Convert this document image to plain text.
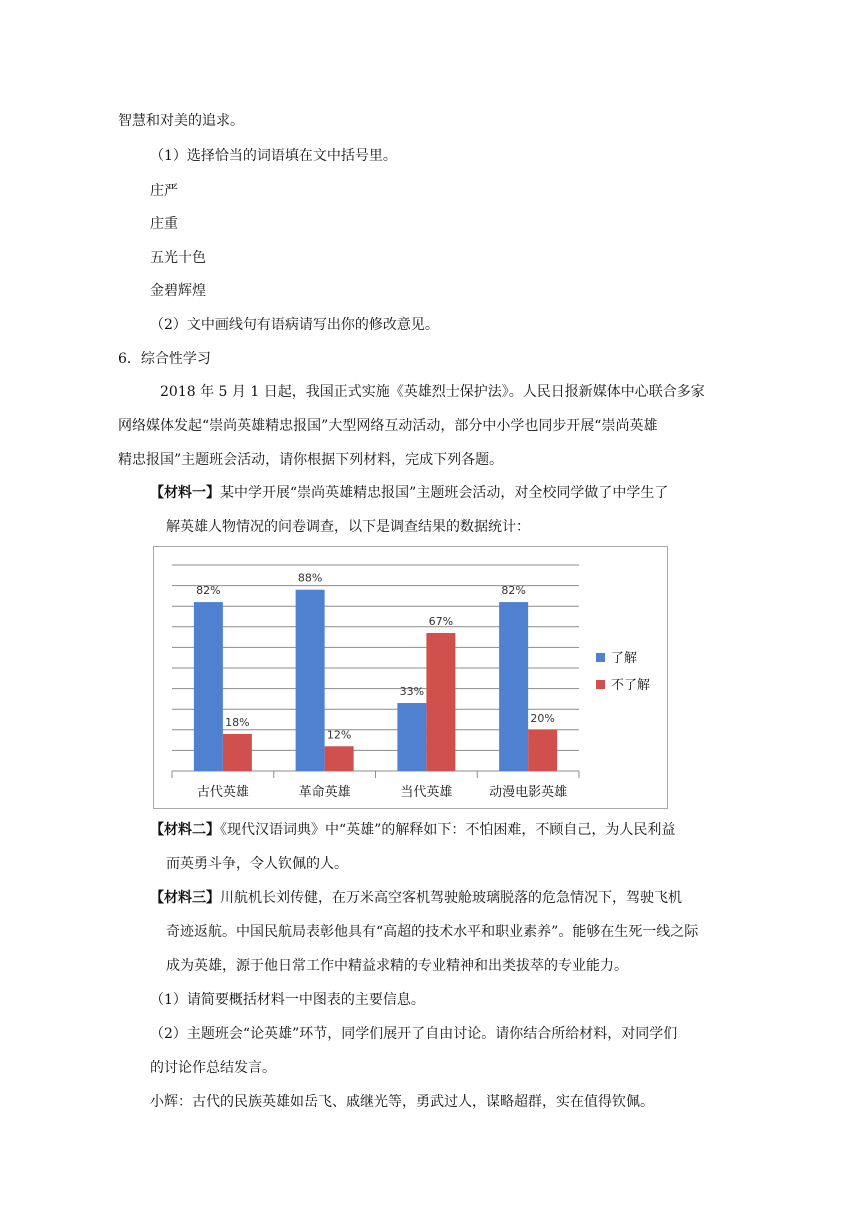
智慧和对美的追求。
（1）选择恰当的词语填在文中括号里。
庄严
庄重
五光十色
金碧辉煌
（2）文中画线句有语病请写出你的修改意见。
6．综合性学习
2018 年 5 月 1 日起，我国正式实施《英雄烈士保护法》。人民日报新媒体中心联合多家
网络媒体发起“崇尚英雄精忠报国”大型网络互动活动，部分中小学也同步开展“崇尚英雄
精忠报国”主题班会活动，请你根据下列材料，完成下列各题。
【材料一】某中学开展“崇尚英雄精忠报国”主题班会活动，对全校同学做了中学生了
解英雄人物情况的问卷调查，以下是调查结果的数据统计：
82%
18%
古代英雄
88%
12%
革命英雄
33%
67%
当代英雄
82%
20%
动漫电影英雄
了解
不了解
【材料二】《现代汉语词典》中“英雄”的解释如下：不怕困难，不顾自己，为人民利益
而英勇斗争，令人钦佩的人。
【材料三】川航机长刘传健，在万米高空客机驾驶舱玻璃脱落的危急情况下，驾驶飞机
奇迹返航。中国民航局表彰他具有“高超的技术水平和职业素养”。能够在生死一线之际
成为英雄，源于他日常工作中精益求精的专业精神和出类拔萃的专业能力。
（1）请简要概括材料一中图表的主要信息。
（2）主题班会“论英雄”环节，同学们展开了自由讨论。请你结合所给材料，对同学们
的讨论作总结发言。
小辉：古代的民族英雄如岳飞、戚继光等，勇武过人，谋略超群，实在值得钦佩。
